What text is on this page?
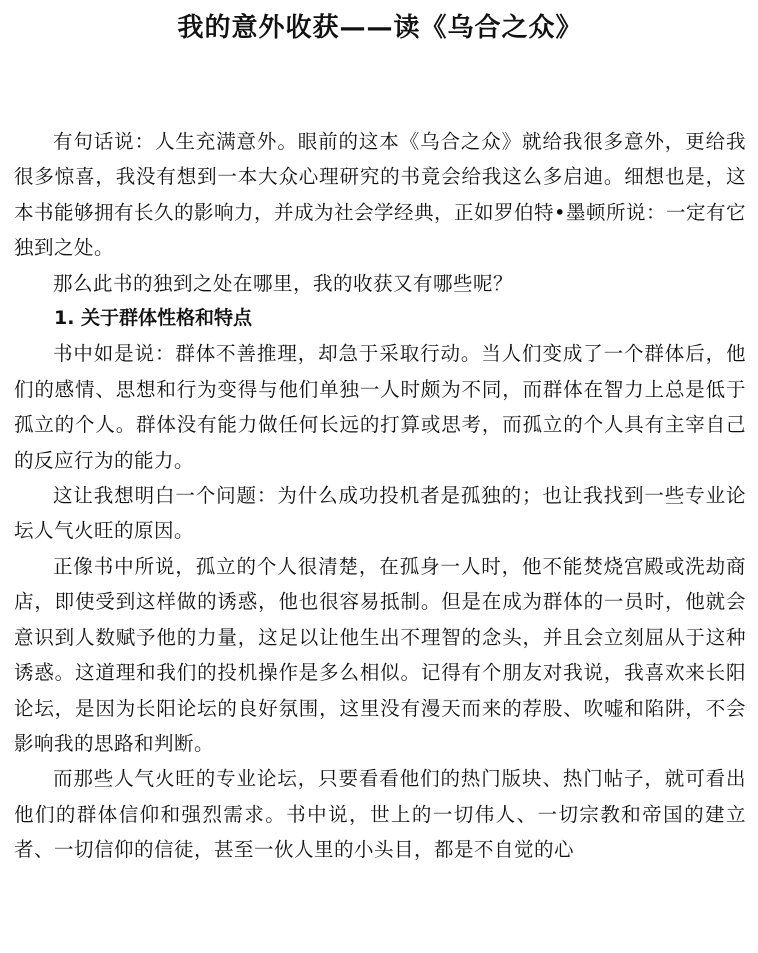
我的意外收获——读《乌合之众》

有句话说：人生充满意外。眼前的这本《乌合之众》就给我很多意外，更给我很多惊喜，我没有想到一本大众心理研究的书竟会给我这么多启迪。细想也是，这本书能够拥有长久的影响力，并成为社会学经典，正如罗伯特•墨顿所说：一定有它独到之处。

那么此书的独到之处在哪里，我的收获又有哪些呢？

1. 关于群体性格和特点

书中如是说：群体不善推理，却急于采取行动。当人们变成了一个群体后，他们的感情、思想和行为变得与他们单独一人时颇为不同，而群体在智力上总是低于孤立的个人。群体没有能力做任何长远的打算或思考，而孤立的个人具有主宰自己的反应行为的能力。

这让我想明白一个问题：为什么成功投机者是孤独的；也让我找到一些专业论坛人气火旺的原因。

正像书中所说，孤立的个人很清楚，在孤身一人时，他不能焚烧宫殿或洗劫商店，即使受到这样做的诱惑，他也很容易抵制。但是在成为群体的一员时，他就会意识到人数赋予他的力量，这足以让他生出不理智的念头，并且会立刻屈从于这种诱惑。这道理和我们的投机操作是多么相似。记得有个朋友对我说，我喜欢来长阳论坛，是因为长阳论坛的良好氛围，这里没有漫天而来的荐股、吹嘘和陷阱，不会影响我的思路和判断。

而那些人气火旺的专业论坛，只要看看他们的热门版块、热门帖子，就可看出他们的群体信仰和强烈需求。书中说，世上的一切伟人、一切宗教和帝国的建立者、一切信仰的信徒，甚至一伙人里的小头目，都是不自觉的心
